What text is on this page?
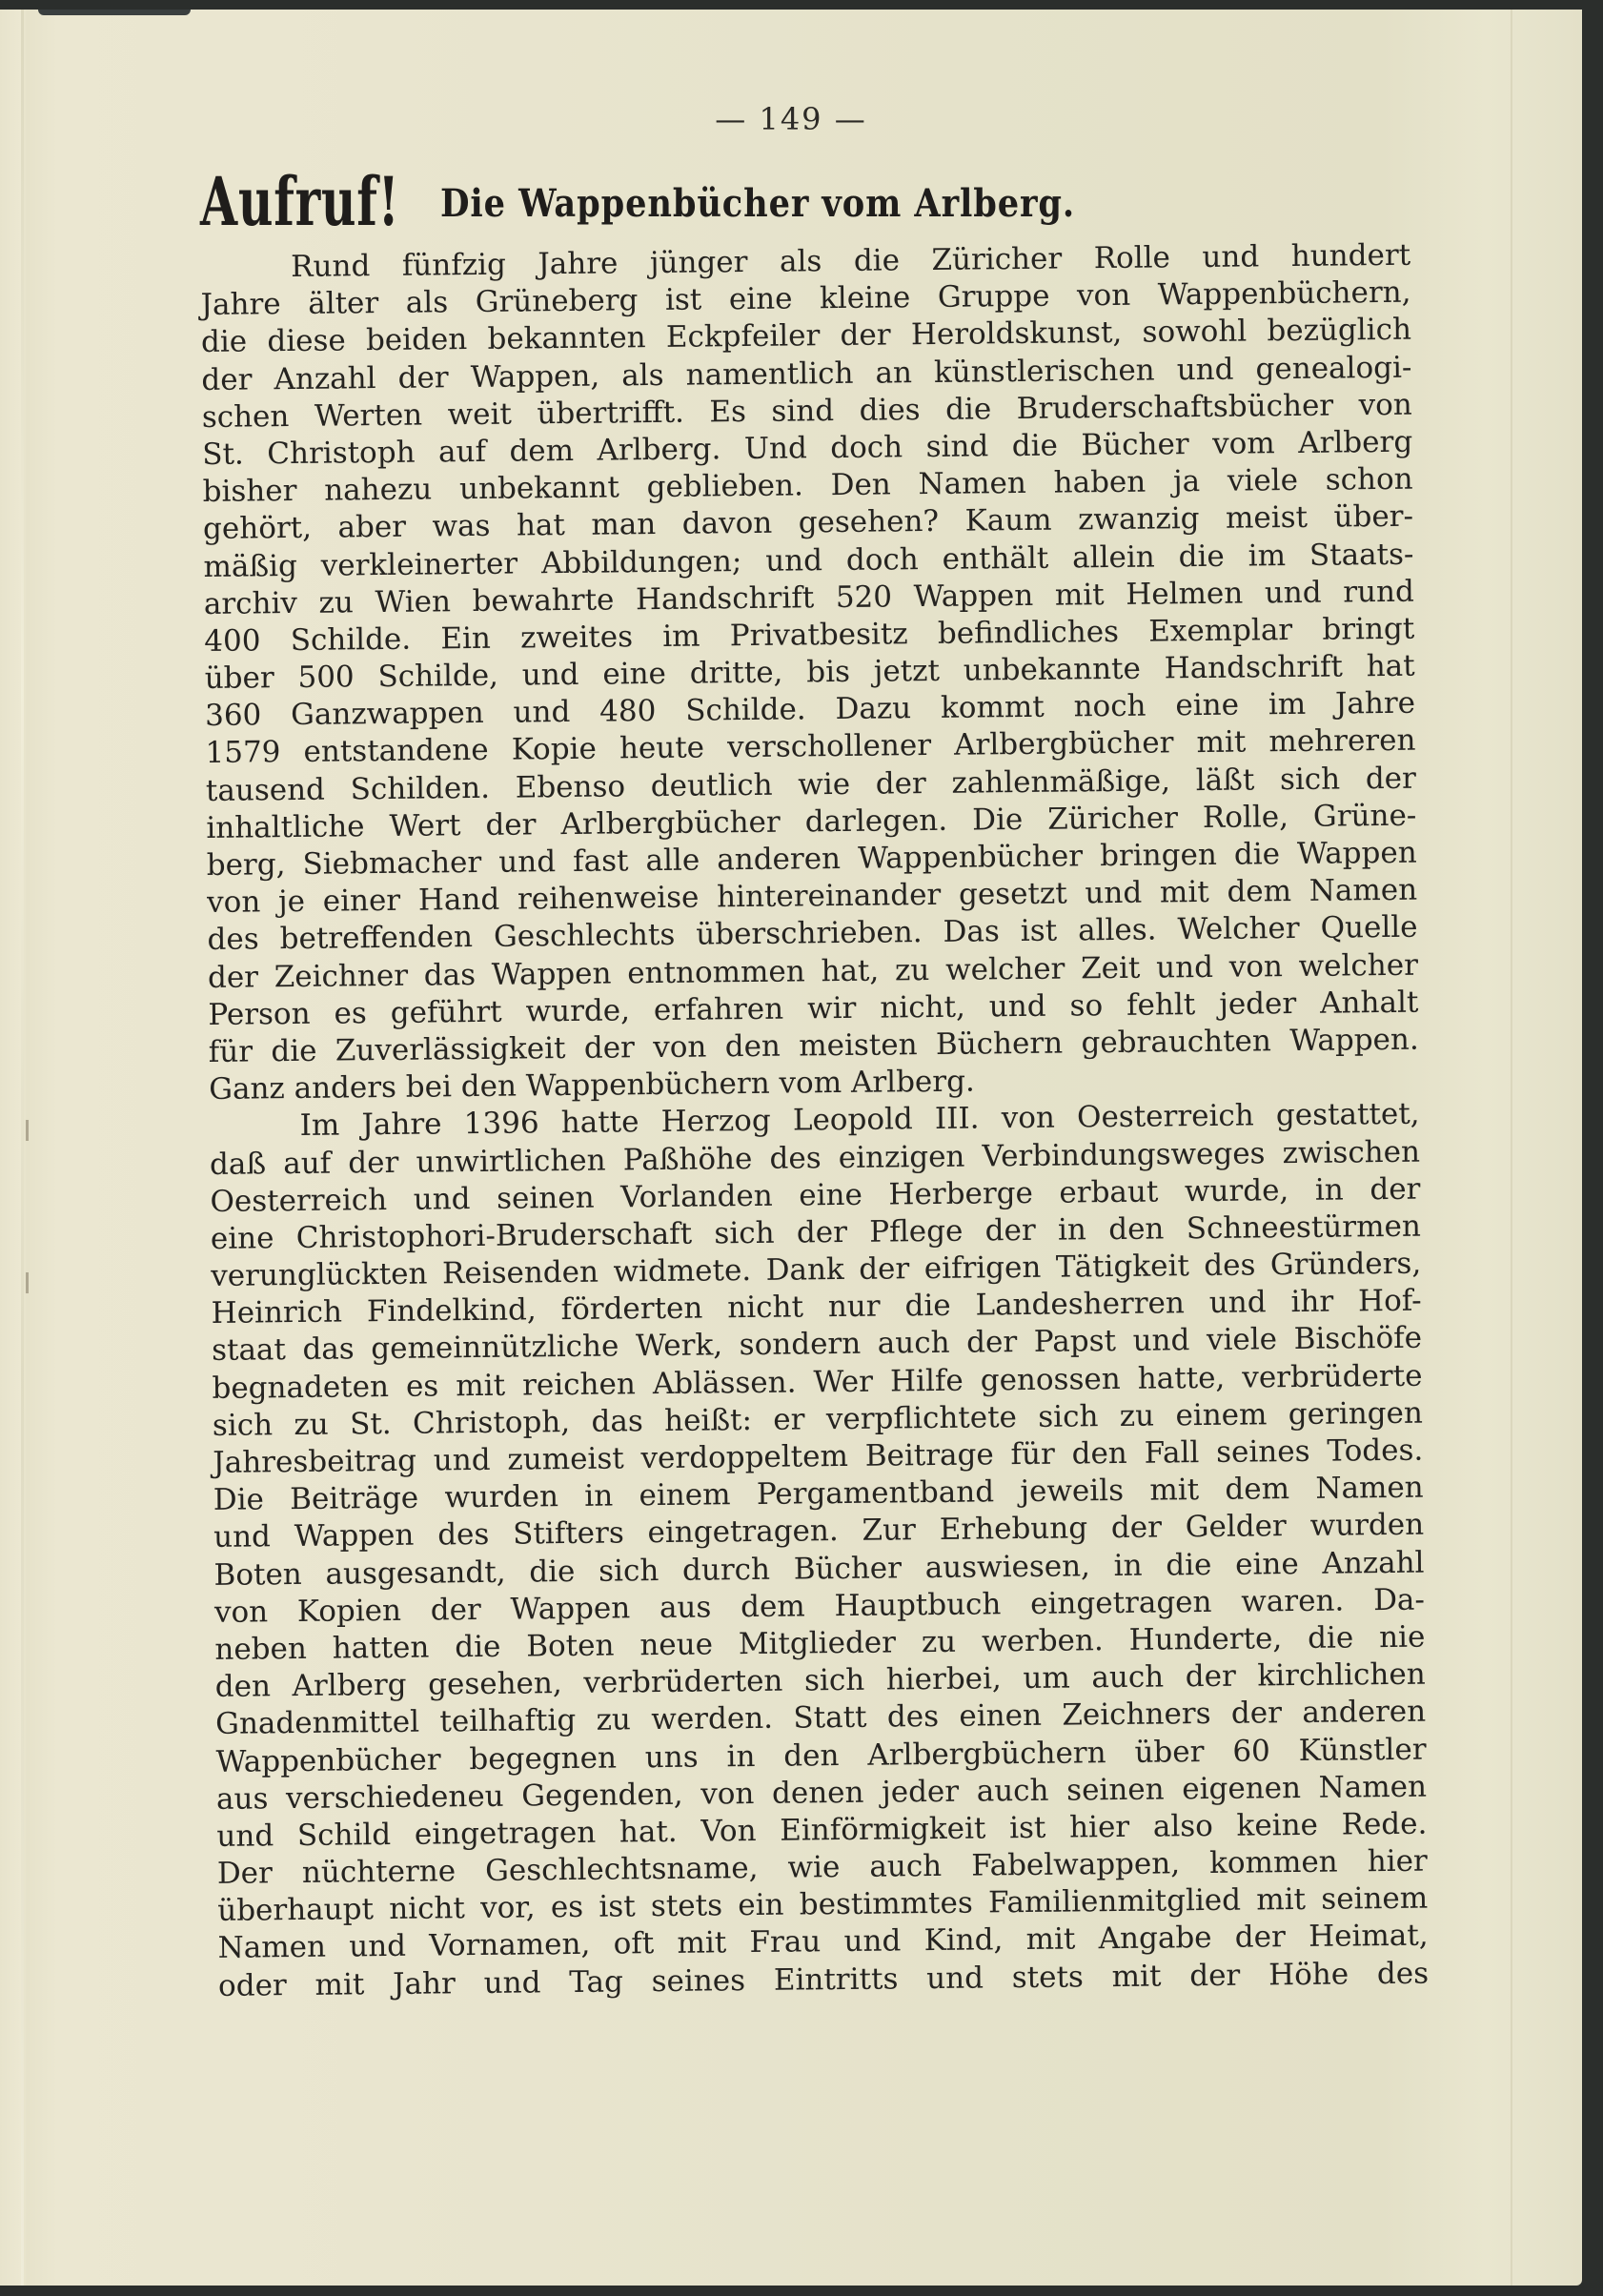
— 149 —
Aufruf! Die Wappenbücher vom Arlberg.
Rund fünfzig Jahre jünger als die Züricher Rolle und hundert
Jahre älter als Grüneberg ist eine kleine Gruppe von Wappenbüchern,
die diese beiden bekannten Eckpfeiler der Heroldskunst, sowohl bezüglich
der Anzahl der Wappen, als namentlich an künstlerischen und genealogi-
schen Werten weit übertrifft. Es sind dies die Bruderschaftsbücher von
St. Christoph auf dem Arlberg. Und doch sind die Bücher vom Arlberg
bisher nahezu unbekannt geblieben. Den Namen haben ja viele schon
gehört, aber was hat man davon gesehen? Kaum zwanzig meist über-
mäßig verkleinerter Abbildungen; und doch enthält allein die im Staats-
archiv zu Wien bewahrte Handschrift 520 Wappen mit Helmen und rund
400 Schilde. Ein zweites im Privatbesitz befindliches Exemplar bringt
über 500 Schilde, und eine dritte, bis jetzt unbekannte Handschrift hat
360 Ganzwappen und 480 Schilde. Dazu kommt noch eine im Jahre
1579 entstandene Kopie heute verschollener Arlbergbücher mit mehreren
tausend Schilden. Ebenso deutlich wie der zahlenmäßige, läßt sich der
inhaltliche Wert der Arlbergbücher darlegen. Die Züricher Rolle, Grüne-
berg, Siebmacher und fast alle anderen Wappenbücher bringen die Wappen
von je einer Hand reihenweise hintereinander gesetzt und mit dem Namen
des betreffenden Geschlechts überschrieben. Das ist alles. Welcher Quelle
der Zeichner das Wappen entnommen hat, zu welcher Zeit und von welcher
Person es geführt wurde, erfahren wir nicht, und so fehlt jeder Anhalt
für die Zuverlässigkeit der von den meisten Büchern gebrauchten Wappen.
Ganz anders bei den Wappenbüchern vom Arlberg.
Im Jahre 1396 hatte Herzog Leopold III. von Oesterreich gestattet,
daß auf der unwirtlichen Paßhöhe des einzigen Verbindungsweges zwischen
Oesterreich und seinen Vorlanden eine Herberge erbaut wurde, in der
eine Christophori-Bruderschaft sich der Pflege der in den Schneestürmen
verunglückten Reisenden widmete. Dank der eifrigen Tätigkeit des Gründers,
Heinrich Findelkind, förderten nicht nur die Landesherren und ihr Hof-
staat das gemeinnützliche Werk, sondern auch der Papst und viele Bischöfe
begnadeten es mit reichen Ablässen. Wer Hilfe genossen hatte, verbrüderte
sich zu St. Christoph, das heißt: er verpflichtete sich zu einem geringen
Jahresbeitrag und zumeist verdoppeltem Beitrage für den Fall seines Todes.
Die Beiträge wurden in einem Pergamentband jeweils mit dem Namen
und Wappen des Stifters eingetragen. Zur Erhebung der Gelder wurden
Boten ausgesandt, die sich durch Bücher auswiesen, in die eine Anzahl
von Kopien der Wappen aus dem Hauptbuch eingetragen waren. Da-
neben hatten die Boten neue Mitglieder zu werben. Hunderte, die nie
den Arlberg gesehen, verbrüderten sich hierbei, um auch der kirchlichen
Gnadenmittel teilhaftig zu werden. Statt des einen Zeichners der anderen
Wappenbücher begegnen uns in den Arlbergbüchern über 60 Künstler
aus verschiedeneu Gegenden, von denen jeder auch seinen eigenen Namen
und Schild eingetragen hat. Von Einförmigkeit ist hier also keine Rede.
Der nüchterne Geschlechtsname, wie auch Fabelwappen, kommen hier
überhaupt nicht vor, es ist stets ein bestimmtes Familienmitglied mit seinem
Namen und Vornamen, oft mit Frau und Kind, mit Angabe der Heimat,
oder mit Jahr und Tag seines Eintritts und stets mit der Höhe des
